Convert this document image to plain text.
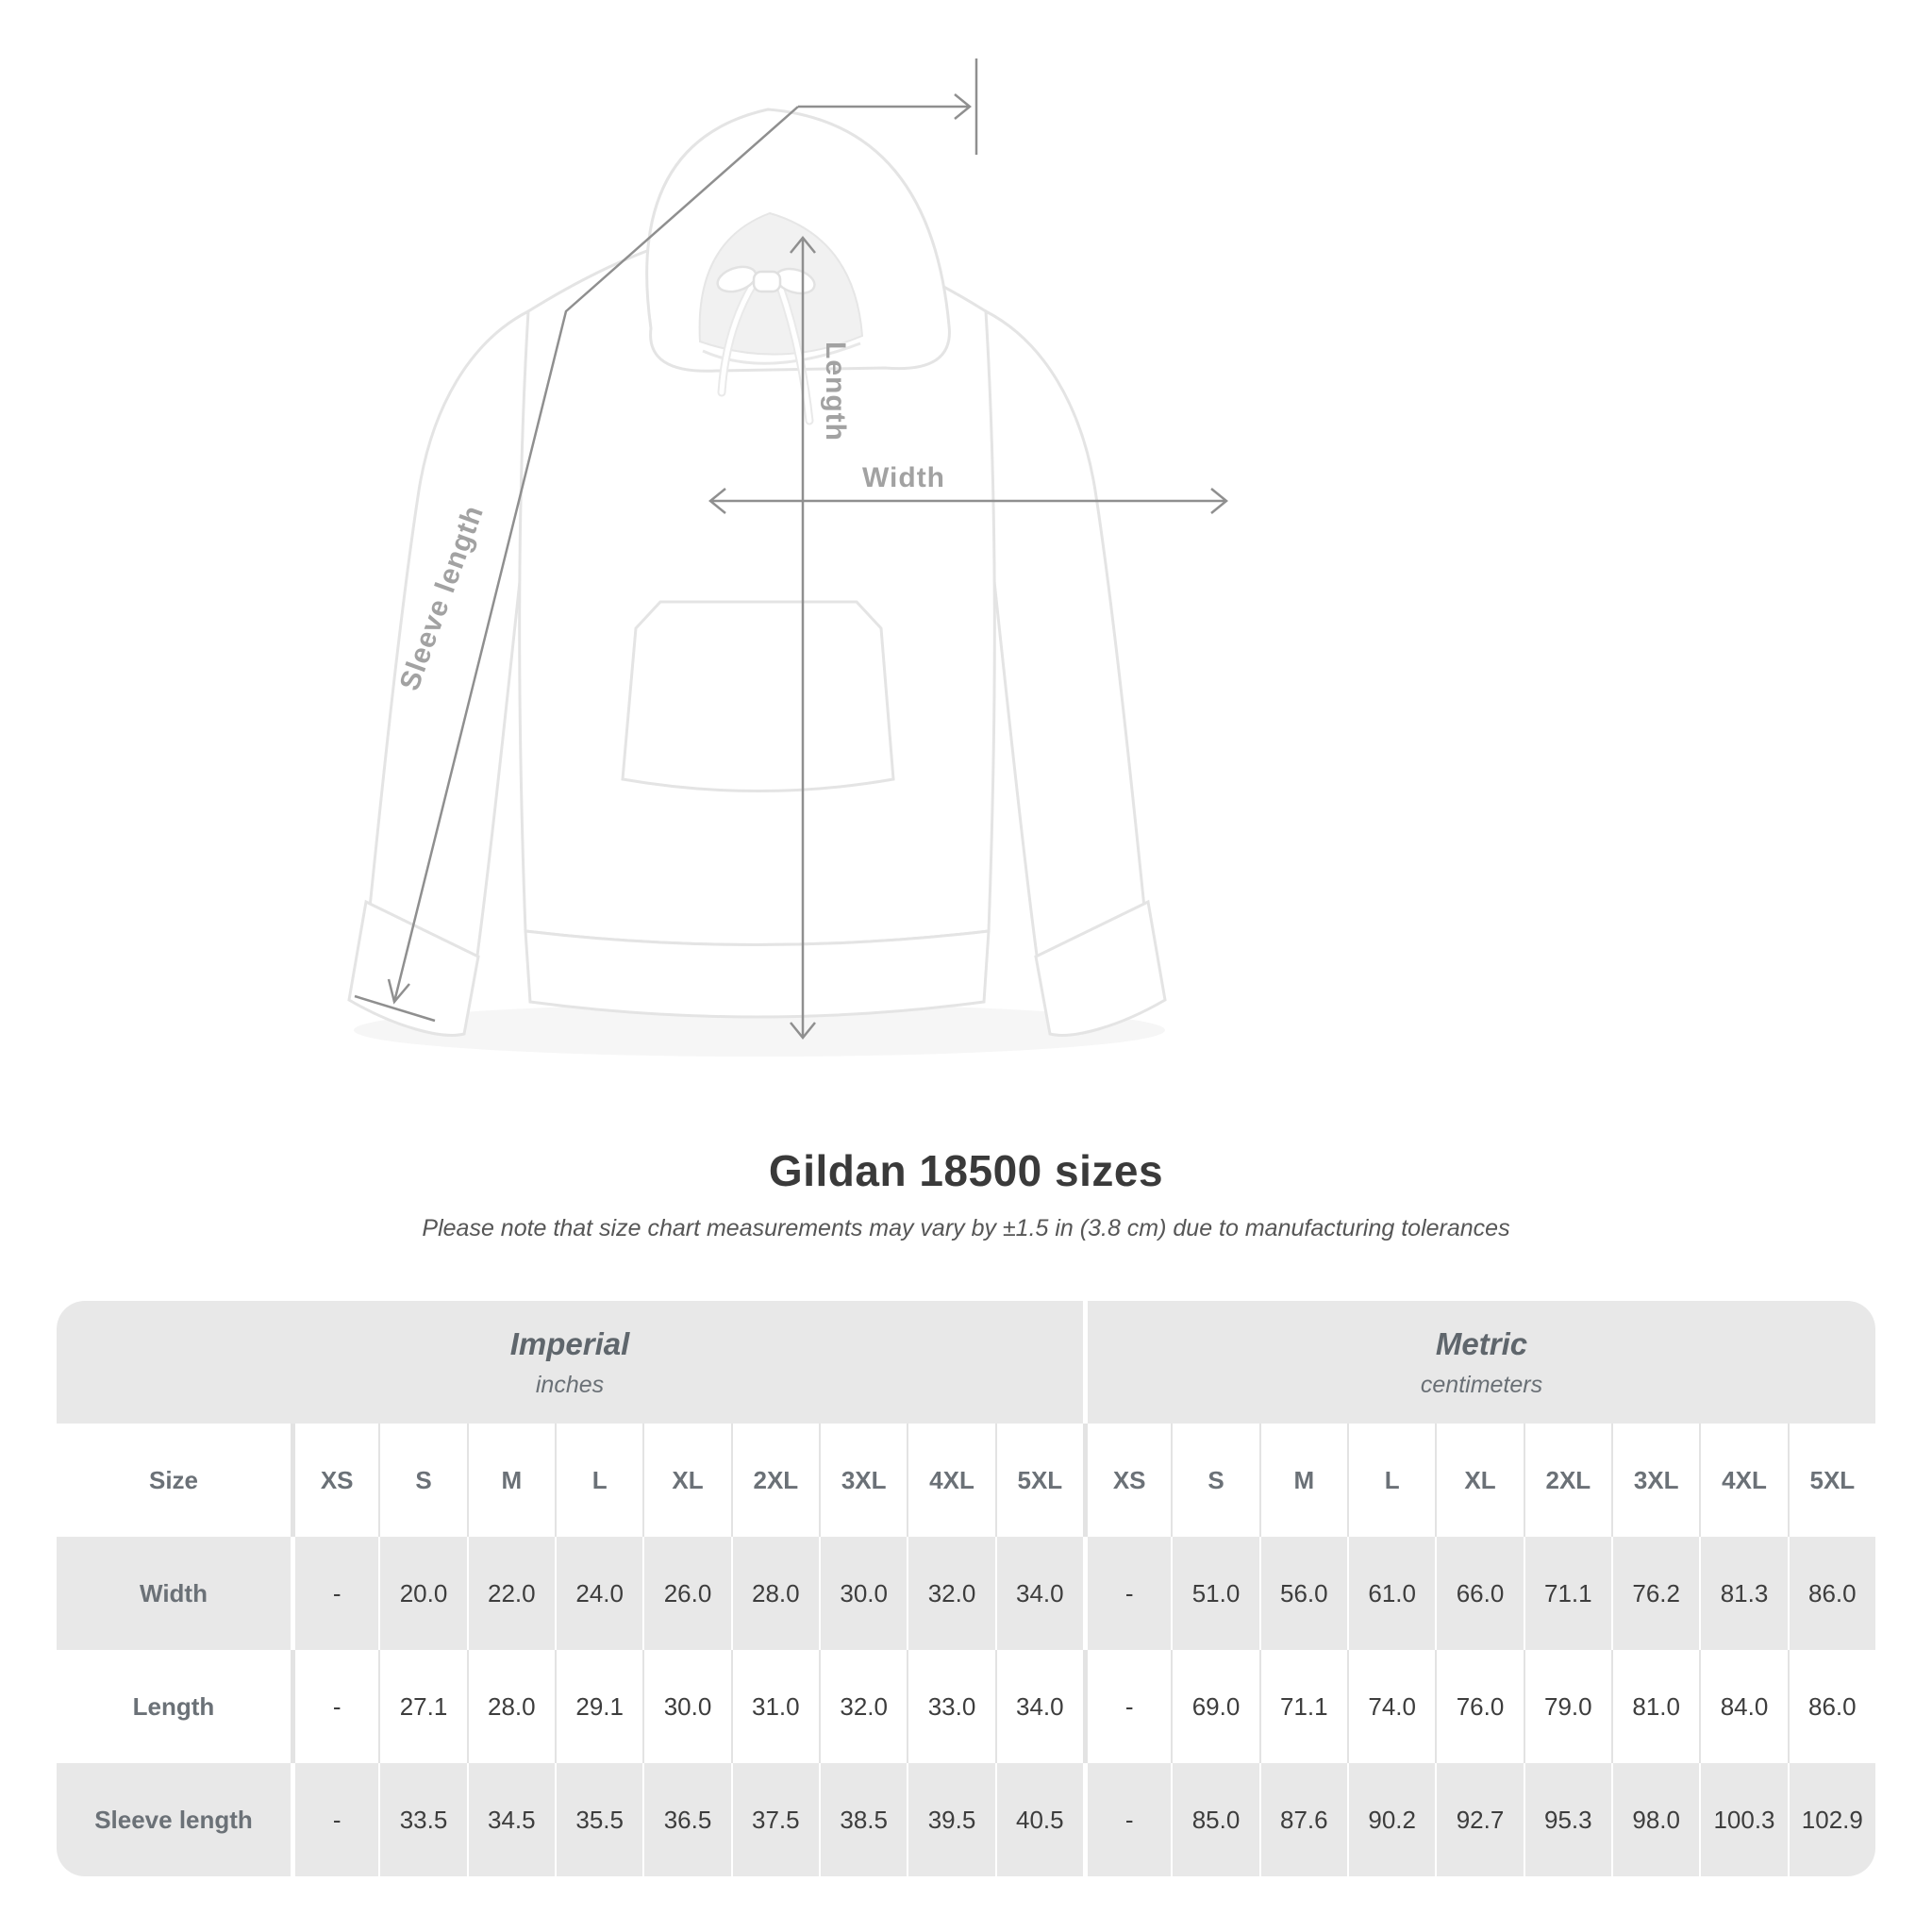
Length
Width
Sleeve length
Gildan 18500 sizes

Please note that size chart measurements may vary by ±1.5 in (3.8 cm) due to manufacturing tolerances

Imperial
inches
Metric
centimeters
Size	XS	S	M	L	XL	2XL	3XL	4XL	5XL	XS	S	M	L	XL	2XL	3XL	4XL	5XL
Width	-	20.0	22.0	24.0	26.0	28.0	30.0	32.0	34.0	-	51.0	56.0	61.0	66.0	71.1	76.2	81.3	86.0
Length	-	27.1	28.0	29.1	30.0	31.0	32.0	33.0	34.0	-	69.0	71.1	74.0	76.0	79.0	81.0	84.0	86.0
Sleeve length	-	33.5	34.5	35.5	36.5	37.5	38.5	39.5	40.5	-	85.0	87.6	90.2	92.7	95.3	98.0	100.3	102.9
